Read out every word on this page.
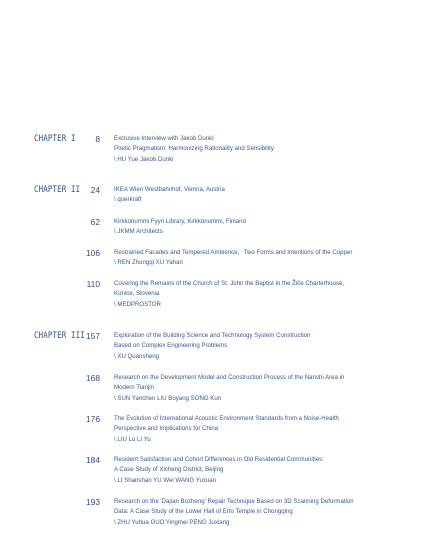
CHAPTER I
CHAPTER II
CHAPTER III
8 Exclusive Interview with Jakob Dunkl
Poetic Pragmatism: Harmonizing Rationality and Sensibility
\ HU Yue Jakob Dunkl
24 IKEA Wien Westbahnhof, Vienna, Austria
\ querkraft
62 Kirkkonummi Fyyri Library, Kirkkonummi, Finland
\ JKMM Architects
106 Restrained Facades and Tempered Ambience，Two Forms and Intentions of the Copper
\ REN Zhongqi XU Yahan
110 Covering the Remains of the Church of St. John the Baptist in the Žiče Charterhouse,
Konice, Slovenia
\ MEDPROSTOR
157 Exploration of the Building Science and Technology System Construction
Based on Complex Engineering Problems
\ XU Quansheng
168 Research on the Development Model and Construction Process of the Nanshi Area in
Modern Tianjin
\ SUN Yanchen LIU Boyang SONG Kun
176 The Evolution of International Acoustic Environment Standards from a Noise-Health
Perspective and Implications for China
\ LIU Lu LI Yu
184 Resident Satisfaction and Cohort Differences in Old Residential Communities:
A Case Study of Xicheng District, Beijing
\ LI Shanshan YU Wei WANG Yuxuan
193 Research on the 'Dajian Bozheng' Repair Technique Based on 3D Scanning Deformation
Data: A Case Study of the Lower Hall of Erfo Temple in Chongqing
\ ZHU Yuhua GUO Yingmei PENG Juxiang
